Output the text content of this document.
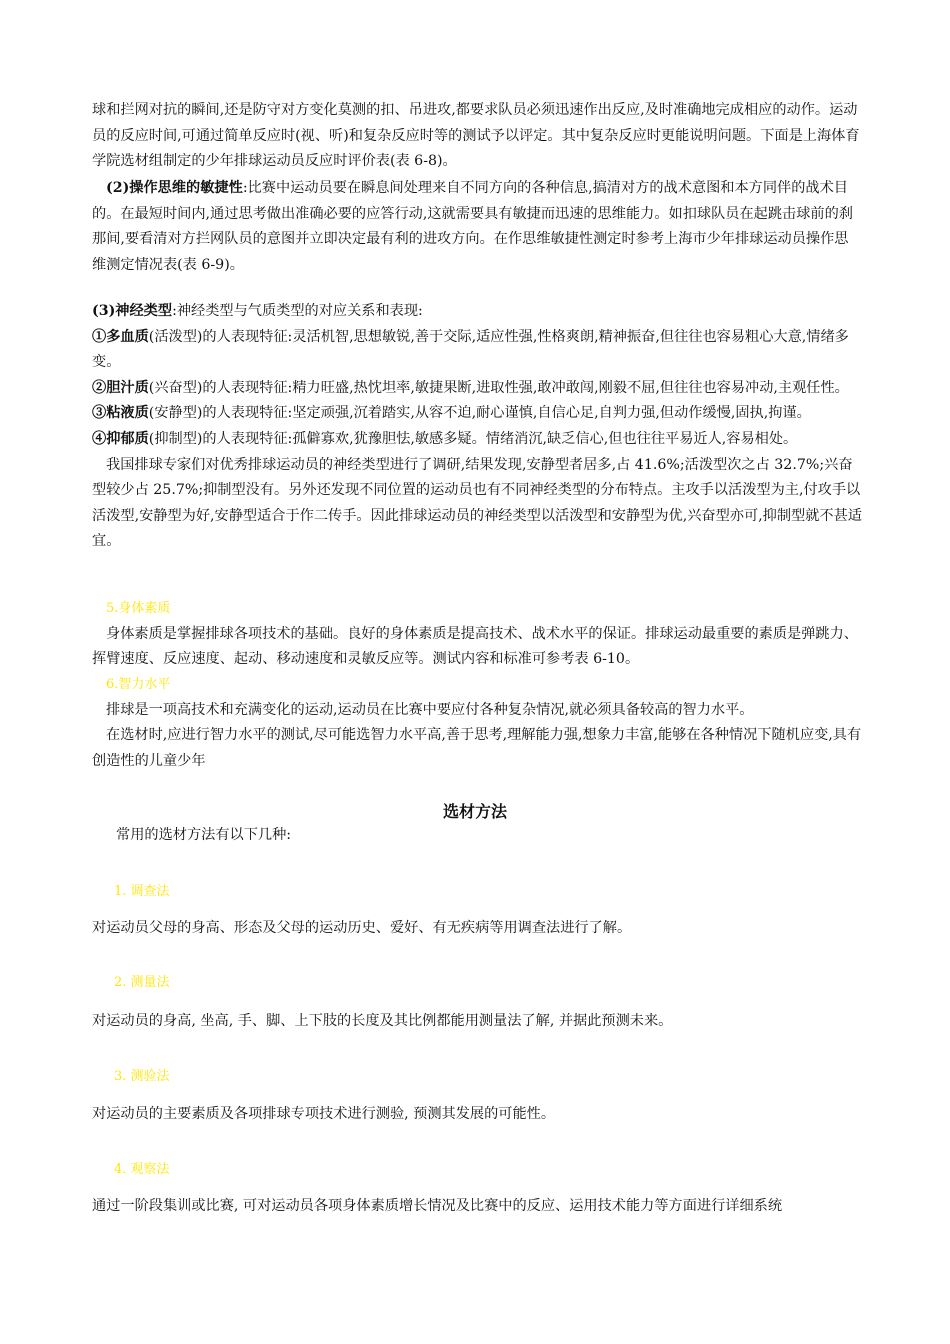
球和拦网对抗的瞬间,还是防守对方变化莫测的扣、吊进攻,都要求队员必须迅速作出反应,及时准确地完成相应的动作。运动员的反应时间,可通过简单反应时(视、听)和复杂反应时等的测试予以评定。其中复杂反应时更能说明问题。下面是上海体育学院选材组制定的少年排球运动员反应时评价表(表 6-8)。

(2)操作思维的敏捷性:比赛中运动员要在瞬息间处理来自不同方向的各种信息,搞清对方的战术意图和本方同伴的战术目的。在最短时间内,通过思考做出准确必要的应答行动,这就需要具有敏捷而迅速的思维能力。如扣球队员在起跳击球前的刹那间,要看清对方拦网队员的意图并立即决定最有利的进攻方向。在作思维敏捷性测定时参考上海市少年排球运动员操作思维测定情况表(表 6-9)。

(3)神经类型:神经类型与气质类型的对应关系和表现:

①多血质(活泼型)的人表现特征:灵活机智,思想敏锐,善于交际,适应性强,性格爽朗,精神振奋,但往往也容易粗心大意,情绪多变。

②胆汁质(兴奋型)的人表现特征:精力旺盛,热忱坦率,敏捷果断,进取性强,敢冲敢闯,刚毅不屈,但往往也容易冲动,主观任性。

③粘液质(安静型)的人表现特征:坚定顽强,沉着踏实,从容不迫,耐心谨慎,自信心足,自判力强,但动作缓慢,固执,拘谨。

④抑郁质(抑制型)的人表现特征:孤僻寡欢,犹豫胆怯,敏感多疑。情绪消沉,缺乏信心,但也往往平易近人,容易相处。

我国排球专家们对优秀排球运动员的神经类型进行了调研,结果发现,安静型者居多,占 41.6%;活泼型次之占 32.7%;兴奋型较少占 25.7%;抑制型没有。另外还发现不同位置的运动员也有不同神经类型的分布特点。主攻手以活泼型为主,付攻手以活泼型,安静型为好,安静型适合于作二传手。因此排球运动员的神经类型以活泼型和安静型为优,兴奋型亦可,抑制型就不甚适宜。

5.身体素质

身体素质是掌握排球各项技术的基础。良好的身体素质是提高技术、战术水平的保证。排球运动最重要的素质是弹跳力、挥臂速度、反应速度、起动、移动速度和灵敏反应等。测试内容和标准可参考表 6-10。

6.智力水平

排球是一项高技术和充满变化的运动,运动员在比赛中要应付各种复杂情况,就必须具备较高的智力水平。

在选材时,应进行智力水平的测试,尽可能选智力水平高,善于思考,理解能力强,想象力丰富,能够在各种情况下随机应变,具有创造性的儿童少年

选材方法
常用的选材方法有以下几种:
1. 调查法
对运动员父母的身高、形态及父母的运动历史、爱好、有无疾病等用调查法进行了解。
2. 测量法
对运动员的身高, 坐高, 手、脚、上下肢的长度及其比例都能用测量法了解, 并据此预测未来。
3. 测验法
对运动员的主要素质及各项排球专项技术进行测验, 预测其发展的可能性。
4. 观察法
通过一阶段集训或比赛, 可对运动员各项身体素质增长情况及比赛中的反应、运用技术能力等方面进行详细系统
